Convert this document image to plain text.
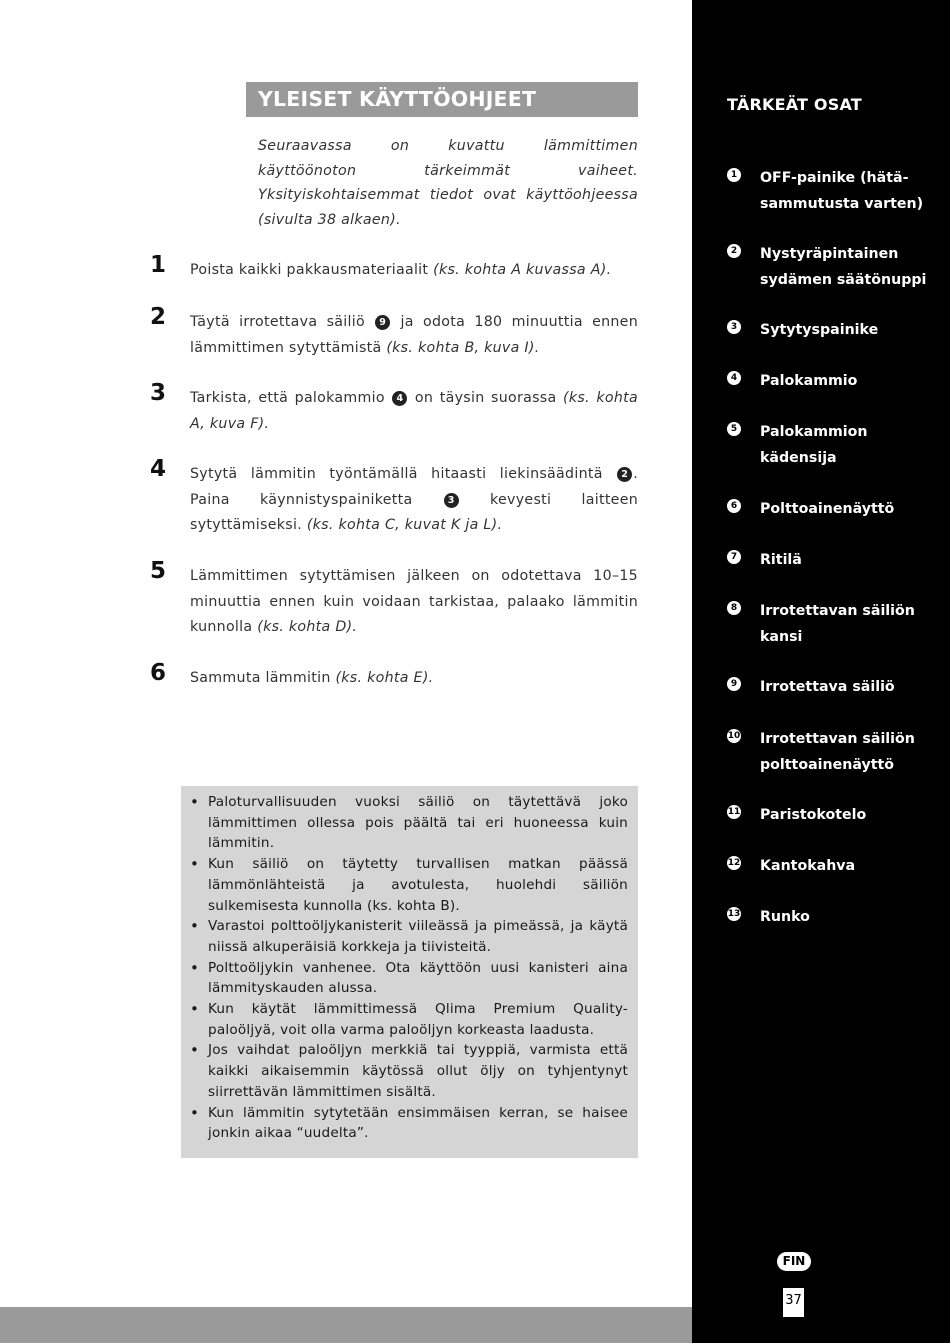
YLEISET KÄYTTÖOHJEET
Seuraavassa on kuvattu lämmittimen käyttöönoton tärkeimmät vaiheet. Yksityiskohtaisemmat tiedot ovat käyttöohjeessa (sivulta 38 alkaen).
1 Poista kaikki pakkausmateriaalit (ks. kohta A kuvassa A).
2 Täytä irrotettava säiliö 9 ja odota 180 minuuttia ennen lämmittimen sytyttämistä (ks. kohta B, kuva I).
3 Tarkista, että palokammio 4 on täysin suorassa (ks. kohta A, kuva F).
4 Sytytä lämmitin työntämällä hitaasti liekinsäädintä 2 . Paina käynnistyspainiketta	3 kevyesti laitteen sytyttämiseksi. (ks. kohta C, kuvat K ja L).
5 Lämmittimen sytyttämisen jälkeen on odotettava 10–15 minuuttia ennen kuin voidaan tarkistaa, palaako lämmitin kunnolla (ks. kohta D).
6 Sammuta lämmitin (ks. kohta E).
• Paloturvallisuuden vuoksi säiliö on täytettävä joko lämmittimen ollessa pois päältä tai eri huoneessa kuin lämmitin.
• Kun säiliö on täytetty turvallisen matkan päässä lämmönlähteistä ja avotulesta, huolehdi säiliön sulkemisesta kunnolla (ks. kohta B).
• Varastoi polttoöljykanisterit viileässä ja pimeässä, ja käytä niissä alkuperäisiä korkkeja ja tiivisteitä.
• Polttoöljykin vanhenee. Ota käyttöön uusi kanisteri aina lämmityskauden alussa.
• Kun käytät lämmittimessä Qlima Premium Quality-paloöljyä, voit olla varma paloöljyn korkeasta laadusta.
• Jos vaihdat paloöljyn merkkiä tai tyyppiä, varmista että kaikki aikaisemmin käytössä ollut öljy on tyhjentynyt siirrettävän lämmittimen sisältä.
• Kun lämmitin sytytetään ensimmäisen kerran, se haisee jonkin aikaa “uudelta”.
TÄRKEÄT OSAT
1 OFF-painike (hätä-sammutusta varten)
2 Nystyräpintainen sydämen säätönuppi
3 Sytytyspainike
4 Palokammio
5 Palokammion kädensija
6 Polttoainenäyttö
7 Ritilä
8 Irrotettavan säiliön kansi
9 Irrotettava säiliö
10 Irrotettavan säiliön polttoainenäyttö
11 Paristokotelo
12 Kantokahva
13 Runko
FIN
37
